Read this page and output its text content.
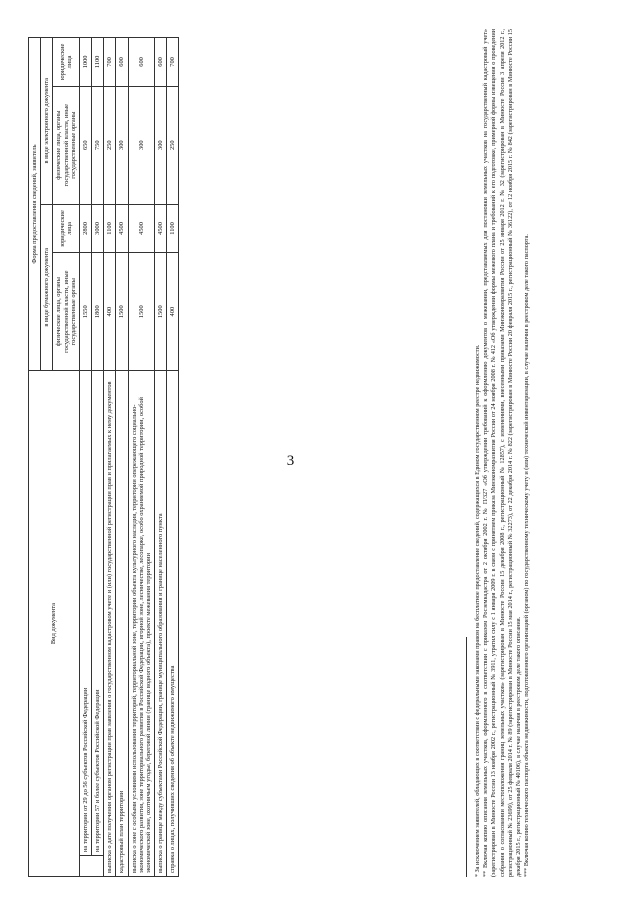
3
Вид документа		Форма предоставления сведений, заявитель			
		в виде бумажного документа		в виде электронного документа	
		физические лица, органы государственной власти, иные государственные органы	юридические лица	физические лица, органы государственной власти, иные государственные органы	юридические лица
	на территории от 29 до 56 субъектов Российской Федерации	1550	2800	650	1000
	на территории 57 и более субъектов Российской Федерации	1800	3000	750	1100
выписка о дате получения органом регистрации прав заявления о государственном кадастровом учете и (или) государственной регистрации прав и прилагаемых к нему документов		400	1100	250	700
кадастровый план территории		1500	4500	300	600
выписка о зоне с особыми условиями использования территорий, территориальной зоне, территории объекта культурного наследия, территории опережающего социально-экономического развития, зоне территориального развития в Российской Федерации, игорной зоне, лесничестве, лесопарке, особо охраняемой природной территории, особой экономической зоне, охотничьем угодье, береговой линии (границе водного объекта), проекте межевания территории		1500	4500	300	600
выписка о границе между субъектами Российской Федерации, границе муниципального образования и границе населенного пункта		1500	4500	300	600
справка о лицах, получивших сведения об объекте недвижимого имущества		400	1100	250	700

* За исключением заявителей, обладающих в соответствии с федеральными законами правом на бесплатное предоставление сведений, содержащихся в Едином государственном реестре недвижимости. ** Включая копию описания земельных участков, оформленного в соответствии с приказом Росземкадастра от 2 октября 2002 г. № П/327 «Об утверждении требований к оформлению документов о межевании, представляемых для постановки земельных участков на государственный кадастровый учет» (зарегистрирован в Минюсте России 13 ноября 2002 г., регистрационный № 3911, утратил силу с 1 января 2009 г. в связи с принятием приказа Минэкономразвития России от 24 ноября 2008 г. № 412 «Об утверждении формы межевого плана и требований к его подготовке, примерной формы извещения о проведении собрания о согласовании местоположения границ земельных участков» (зарегистрирован в Минюсте России 15 декабря 2008 г., регистрационный № 12857), с изменениями, внесенными приказами Минэкономразвития России от 25 января 2012 г. № 32 (зарегистрирован в Минюсте России 3 апреля 2012 г., регистрационный № 23699), от 25 февраля 2014 г. № 89 (зарегистрирован в Минюсте России 15 мая 2014 г., регистрационный № 32273), от 22 декабря 2014 г. № 822 (зарегистрирован в Минюсте России 20 февраля 2015 г., регистрационный № 36122), от 12 ноября 2015 г. № 842 (зарегистрирован в Минюсте России 15 декабря 2015 г., регистрационный № 40106), в случае наличия в реестровом деле такого описания. *** Включая копию технического паспорта объекта недвижимости, подготовленного организацией (органом) по государственному техническому учету и (или) технической инвентаризации, в случае наличия в реестровом деле такого паспорта.
